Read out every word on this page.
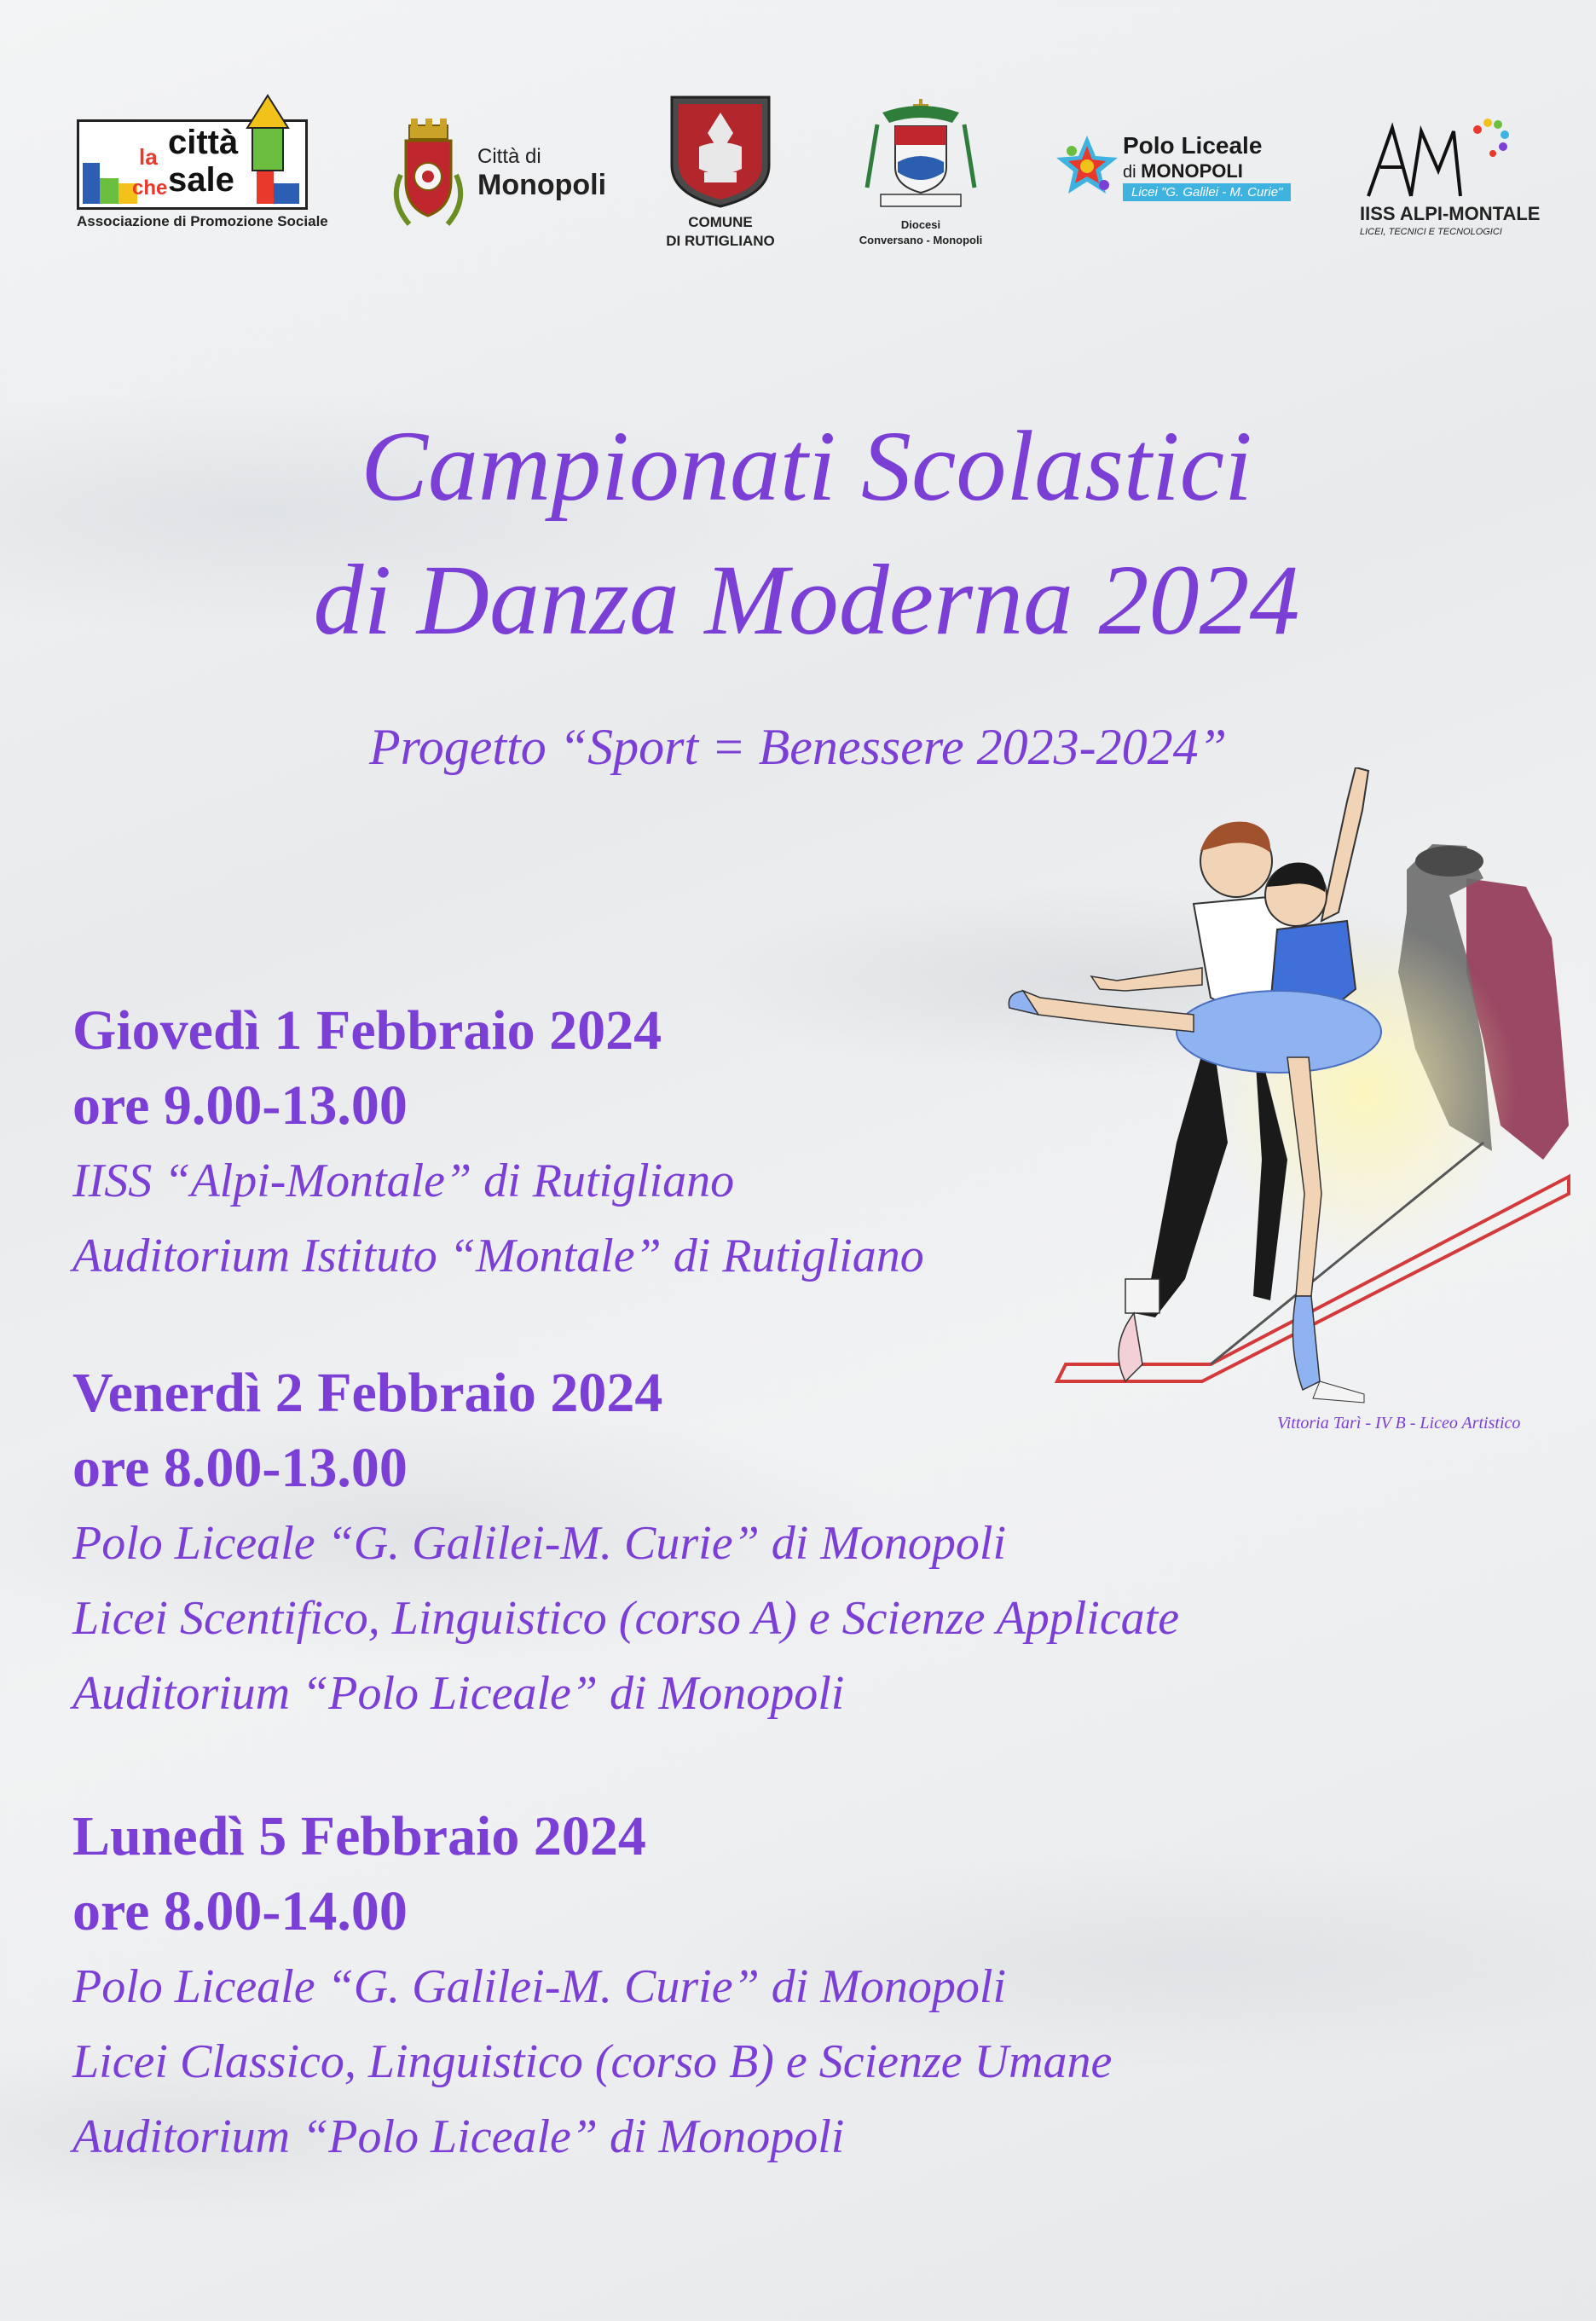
la città
che sale
Associazione di Promozione Sociale
Città di
Monopoli
COMUNE
DI RUTIGLIANO
Diocesi
Conversano - Monopoli
Polo Liceale
di MONOPOLI
Licei "G. Galilei - M. Curie"
IISS ALPI-MONTALE
LICEI, TECNICI E TECNOLOGICI
Campionati Scolastici
di Danza Moderna 2024
Progetto “Sport = Benessere 2023-2024”
Giovedì 1 Febbraio 2024
ore 9.00-13.00
IISS “Alpi-Montale” di Rutigliano
Auditorium Istituto “Montale” di Rutigliano
Venerdì 2 Febbraio 2024
ore 8.00-13.00
Polo Liceale “G. Galilei-M. Curie” di Monopoli
Licei Scentifico, Linguistico (corso A) e Scienze Applicate
Auditorium “Polo Liceale” di Monopoli
Lunedì 5 Febbraio 2024
ore 8.00-14.00
Polo Liceale “G. Galilei-M. Curie” di Monopoli
Licei Classico, Linguistico (corso B) e Scienze Umane
Auditorium “Polo Liceale” di Monopoli
Vittoria Tarì - IV B - Liceo Artistico
